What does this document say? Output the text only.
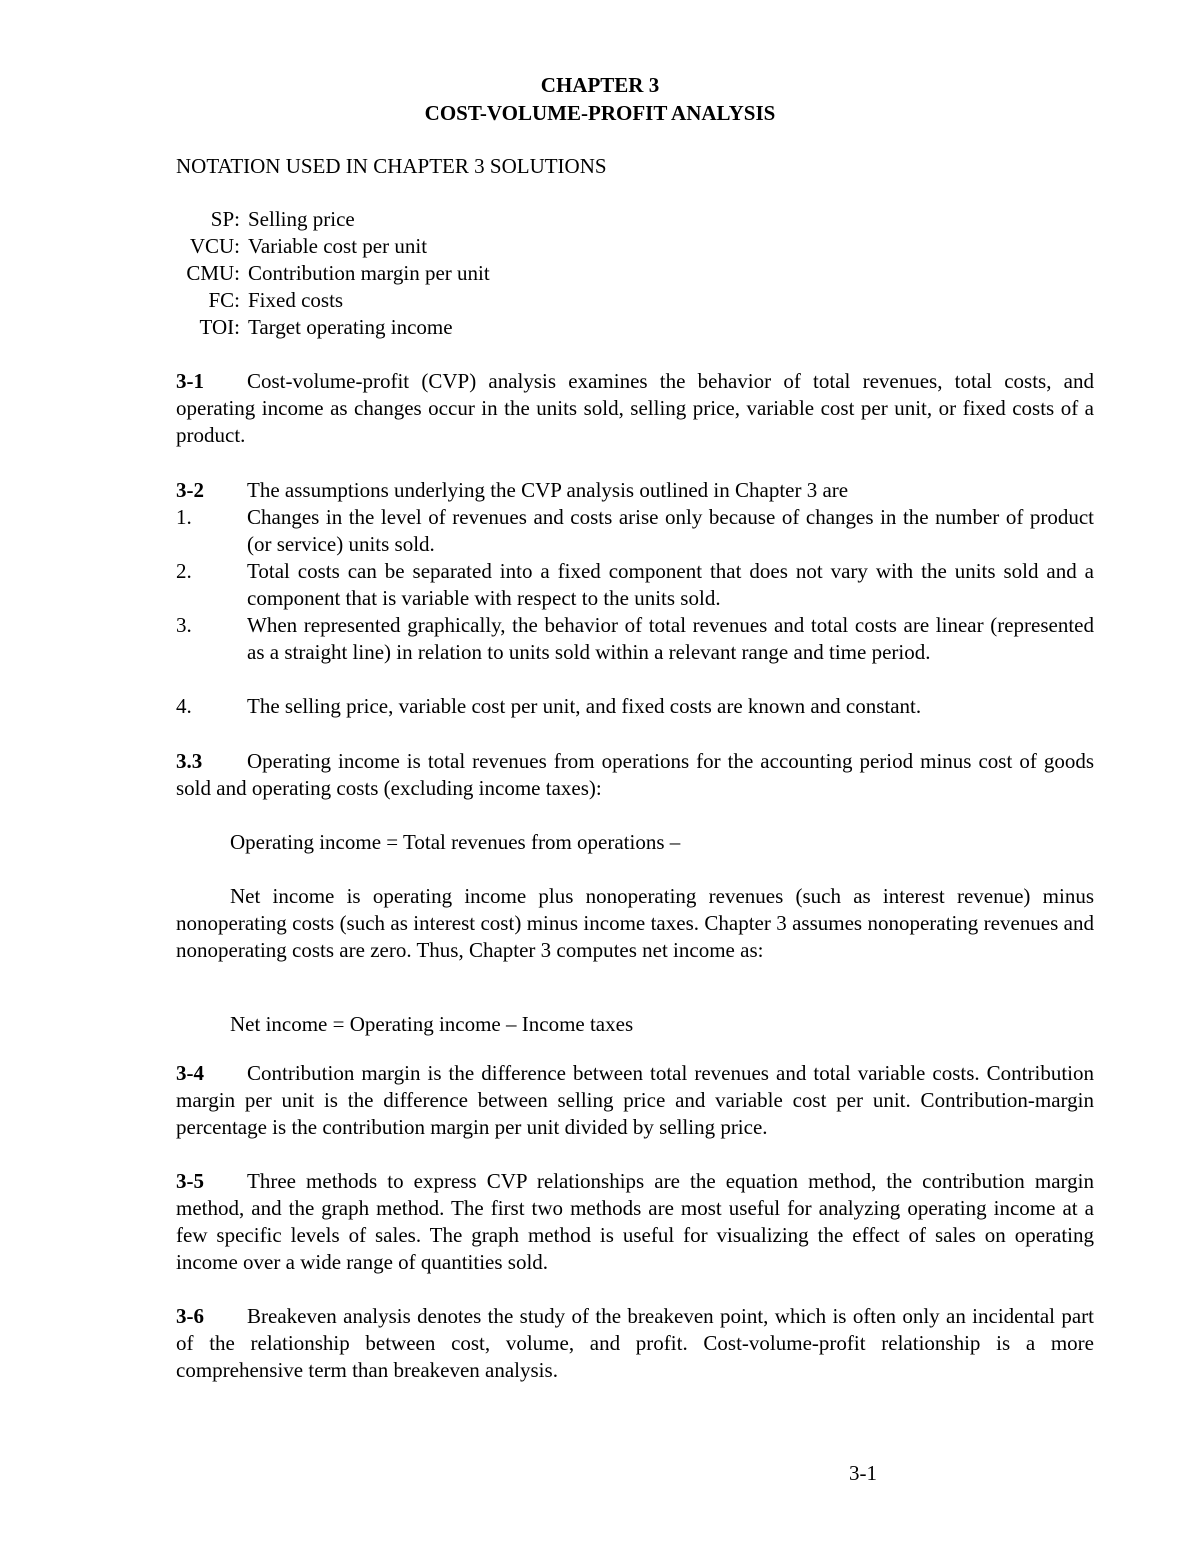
CHAPTER 3
COST-VOLUME-PROFIT ANALYSIS
NOTATION USED IN CHAPTER 3 SOLUTIONS
SP: Selling price
VCU: Variable cost per unit
CMU: Contribution margin per unit
FC: Fixed costs
TOI: Target operating income
3-1 Cost-volume-profit (CVP) analysis examines the behavior of total revenues, total costs, and operating income as changes occur in the units sold, selling price, variable cost per unit, or fixed costs of a product.
3-2 The assumptions underlying the CVP analysis outlined in Chapter 3 are
1.	Changes in the level of revenues and costs arise only because of changes in the number of product (or service) units sold.
2.	Total costs can be separated into a fixed component that does not vary with the units sold and a component that is variable with respect to the units sold.
3.	When represented graphically, the behavior of total revenues and total costs are linear (represented as a straight line) in relation to units sold within a relevant range and time period.
4.	The selling price, variable cost per unit, and fixed costs are known and constant.
3.3 Operating income is total revenues from operations for the accounting period minus cost of goods sold and operating costs (excluding income taxes):
Operating income = Total revenues from operations –
Net income is operating income plus nonoperating revenues (such as interest revenue) minus nonoperating costs (such as interest cost) minus income taxes. Chapter 3 assumes nonoperating revenues and nonoperating costs are zero. Thus, Chapter 3 computes net income as:
Net income = Operating income – Income taxes
3-4 Contribution margin is the difference between total revenues and total variable costs. Contribution margin per unit is the difference between selling price and variable cost per unit. Contribution-margin percentage is the contribution margin per unit divided by selling price.
3-5 Three methods to express CVP relationships are the equation method, the contribution margin method, and the graph method. The first two methods are most useful for analyzing operating income at a few specific levels of sales. The graph method is useful for visualizing the effect of sales on operating income over a wide range of quantities sold.
3-6 Breakeven analysis denotes the study of the breakeven point, which is often only an incidental part of the relationship between cost, volume, and profit. Cost-volume-profit relationship is a more comprehensive term than breakeven analysis.
3-1
